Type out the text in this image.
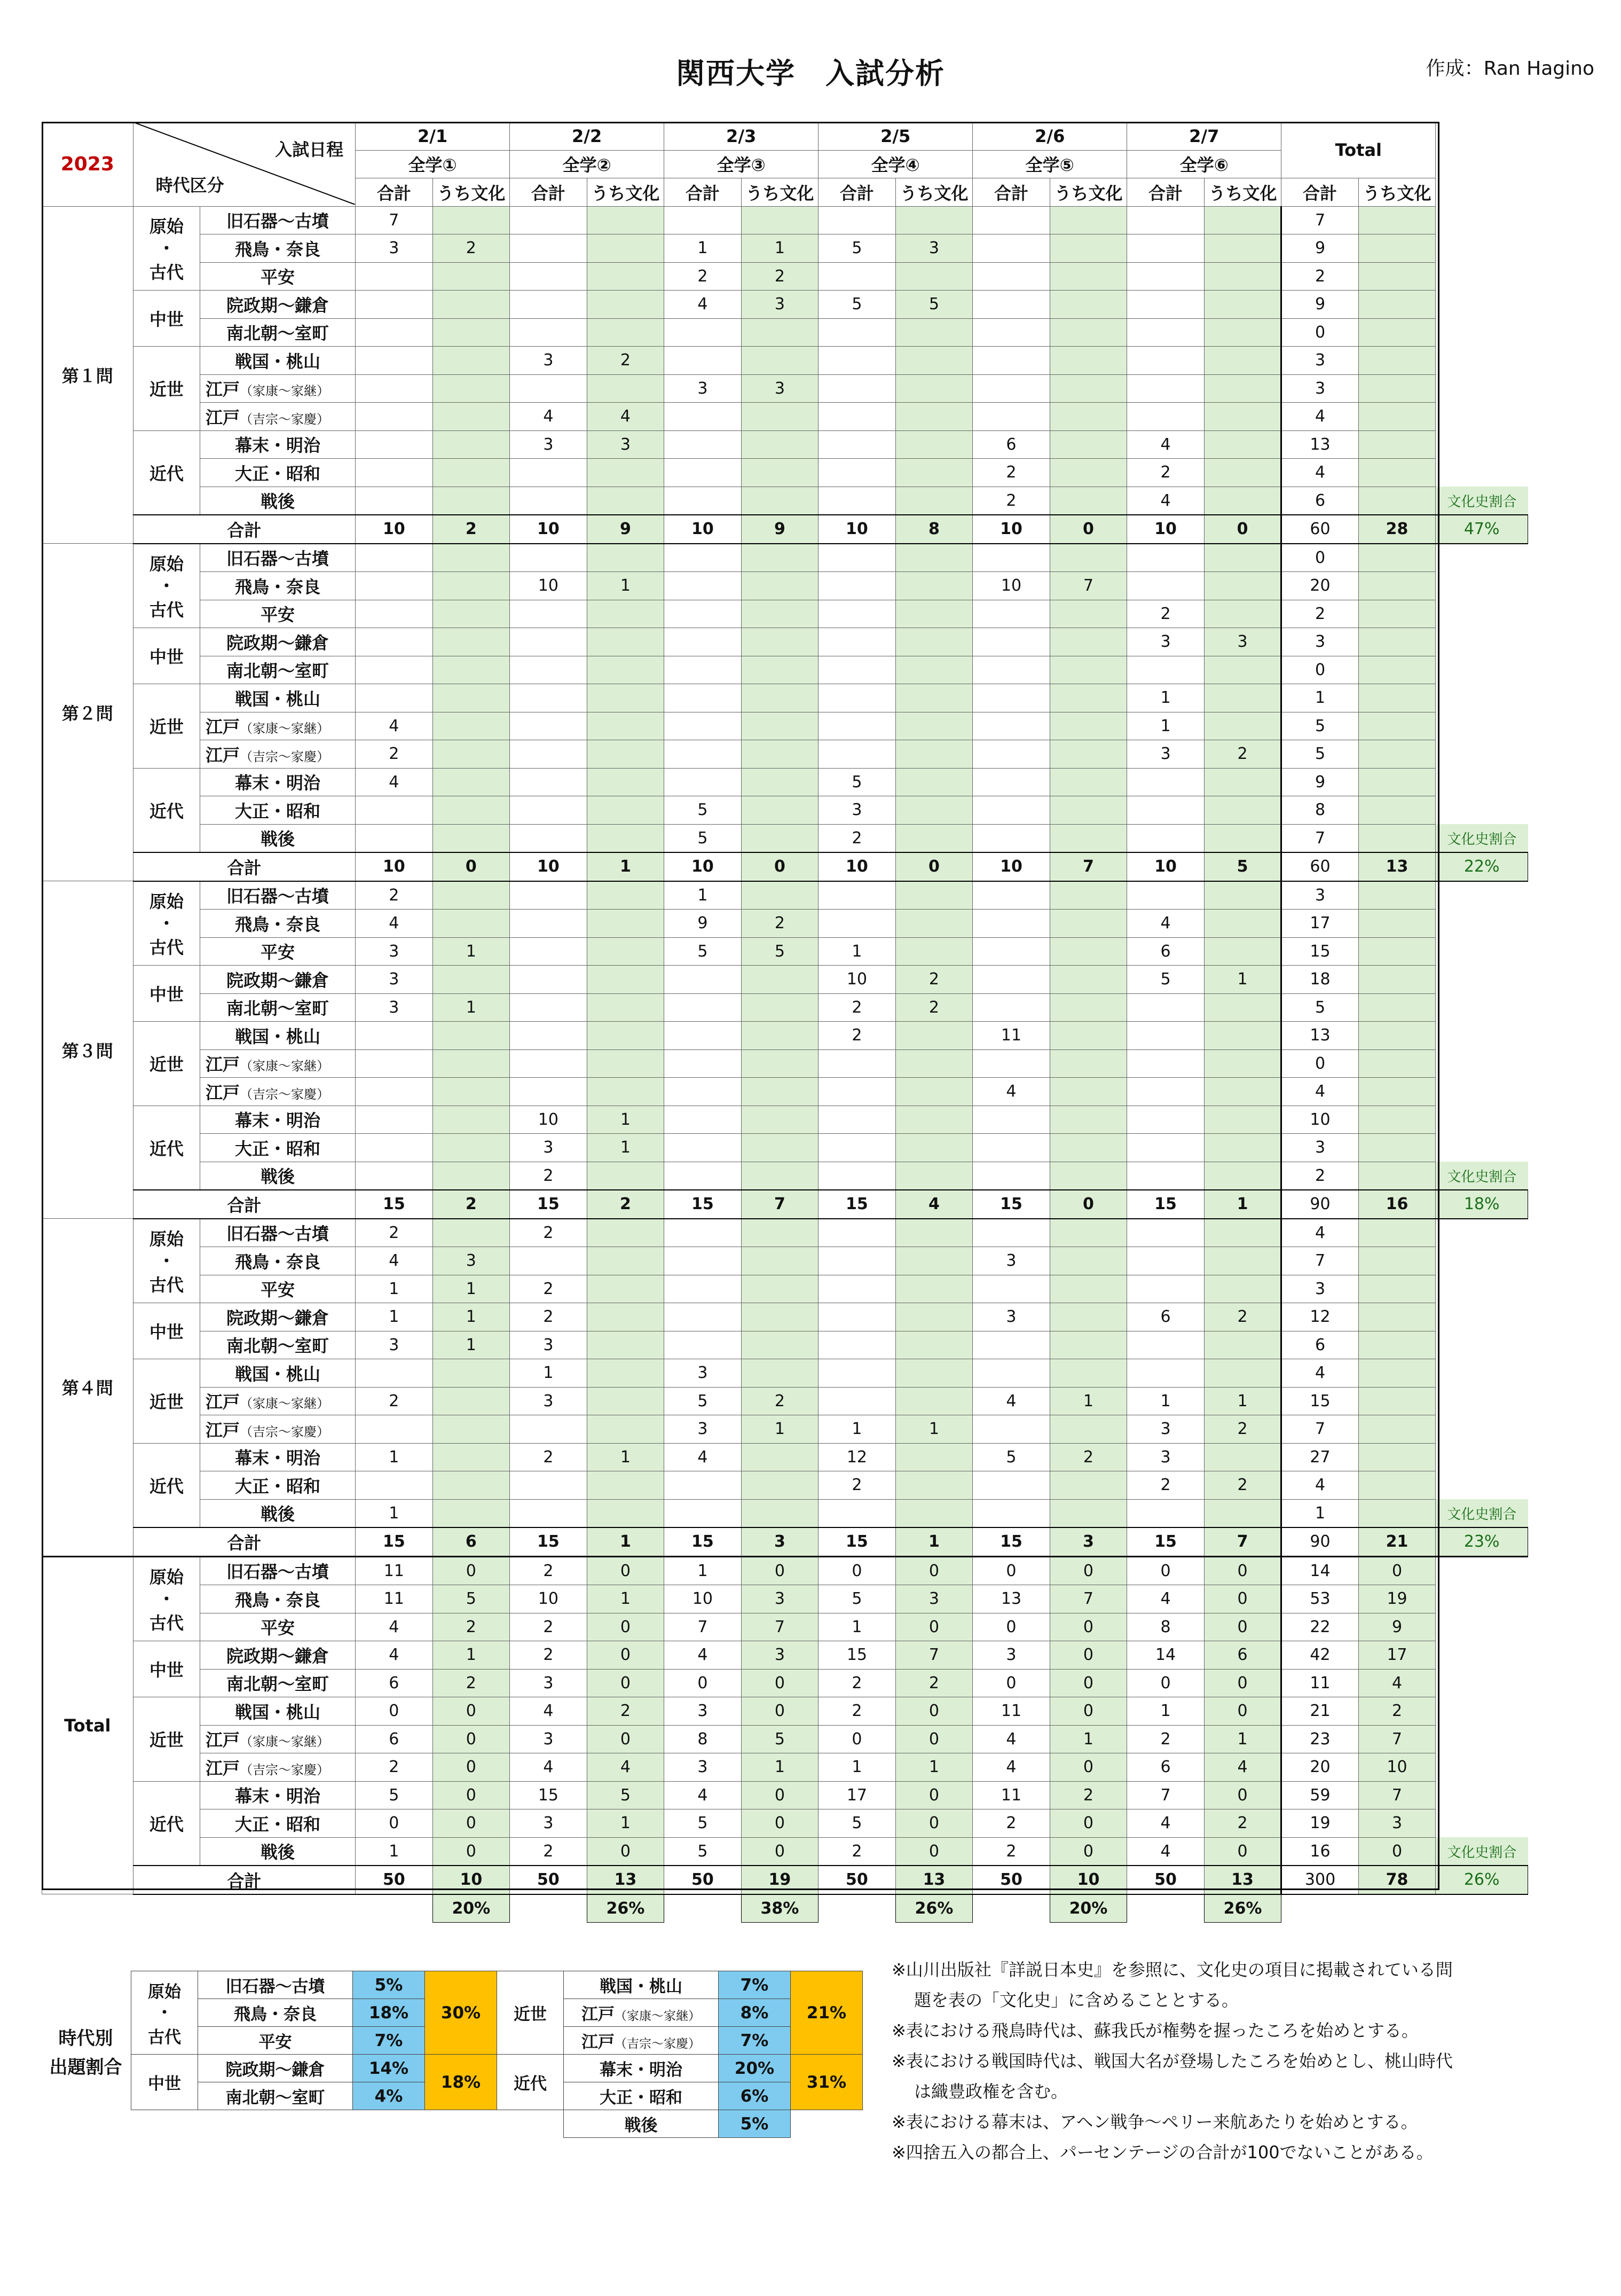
関西大学　入試分析	作成：Ran Hagino
2023	入試日程
時代区分		2/1		2/2		2/3		2/5		2/6		2/7		Total		
			全学①		全学②		全学③		全学④		全学⑤		全学⑥				
			合計	うち文化	合計	うち文化	合計	うち文化	合計	うち文化	合計	うち文化	合計	うち文化	合計	うち文化	
第１問	原始
・
古代	旧石器～古墳	7												7		
		飛鳥・奈良	3	2			1	1	5	3					9		
		平安					2	2							2		
	中世	院政期～鎌倉					4	3	5	5					9		
		南北朝～室町													0		
	近世	戦国・桃山			3	2									3		
		江戸（家康～家継）					3	3							3		
		江戸（吉宗～家慶）			4	4									4		
	近代	幕末・明治			3	3					6		4		13		
		大正・昭和									2		2		4		
		戦後									2		4		6		文化史割合
	合計		10	2	10	9	10	9	10	8	10	0	10	0	60	28	47%
第２問	原始
・
古代	旧石器～古墳													0		
		飛鳥・奈良			10	1					10	7			20		
		平安											2		2		
	中世	院政期～鎌倉											3	3	3		
		南北朝～室町													0		
	近世	戦国・桃山											1		1		
		江戸（家康～家継）	4										1		5		
		江戸（吉宗～家慶）	2										3	2	5		
	近代	幕末・明治	4						5						9		
		大正・昭和					5		3						8		
		戦後					5		2						7		文化史割合
	合計		10	0	10	1	10	0	10	0	10	7	10	5	60	13	22%
第３問	原始
・
古代	旧石器～古墳	2				1								3		
		飛鳥・奈良	4				9	2					4		17		
		平安	3	1			5	5	1				6		15		
	中世	院政期～鎌倉	3						10	2			5	1	18		
		南北朝～室町	3	1					2	2					5		
	近世	戦国・桃山							2		11				13		
		江戸（家康～家継）													0		
		江戸（吉宗～家慶）									4				4		
	近代	幕末・明治			10	1									10		
		大正・昭和			3	1									3		
		戦後			2										2		文化史割合
	合計		15	2	15	2	15	7	15	4	15	0	15	1	90	16	18%
第４問	原始
・
古代	旧石器～古墳	2		2										4		
		飛鳥・奈良	4	3							3				7		
		平安	1	1	2										3		
	中世	院政期～鎌倉	1	1	2						3		6	2	12		
		南北朝～室町	3	1	3										6		
	近世	戦国・桃山			1		3								4		
		江戸（家康～家継）	2		3		5	2			4	1	1	1	15		
		江戸（吉宗～家慶）					3	1	1	1			3	2	7		
	近代	幕末・明治	1		2	1	4		12		5	2	3		27		
		大正・昭和							2				2	2	4		
		戦後	1												1		文化史割合
	合計		15	6	15	1	15	3	15	1	15	3	15	7	90	21	23%
Total	原始
・
古代	旧石器～古墳	11	0	2	0	1	0	0	0	0	0	0	0	14	0	
		飛鳥・奈良	11	5	10	1	10	3	5	3	13	7	4	0	53	19	
		平安	4	2	2	0	7	7	1	0	0	0	8	0	22	9	
	中世	院政期～鎌倉	4	1	2	0	4	3	15	7	3	0	14	6	42	17	
		南北朝～室町	6	2	3	0	0	0	2	2	0	0	0	0	11	4	
	近世	戦国・桃山	0	0	4	2	3	0	2	0	11	0	1	0	21	2	
		江戸（家康～家継）	6	0	3	0	8	5	0	0	4	1	2	1	23	7	
		江戸（吉宗～家慶）	2	0	4	4	3	1	1	1	4	0	6	4	20	10	
	近代	幕末・明治	5	0	15	5	4	0	17	0	11	2	7	0	59	7	
		大正・昭和	0	0	3	1	5	0	5	0	2	0	4	2	19	3	
		戦後	1	0	2	0	5	0	2	0	2	0	4	0	16	0	文化史割合
	合計		50	10	50	13	50	19	50	13	50	10	50	13	300	78	26%
				20%		26%		38%		26%		20%		26%			
時代別
出題割合
原始
・
古代	旧石器～古墳	5%	30%	近世	戦国・桃山	7%	21%
	飛鳥・奈良	18%			江戸（家康～家継）	8%	
	平安	7%			江戸（吉宗～家慶）	7%	
中世	院政期～鎌倉	14%	18%	近代	幕末・明治	20%	31%
	南北朝～室町	4%			大正・昭和	6%	
					戦後	5%	
※山川出版社『詳説日本史』を参照に、文化史の項目に掲載されている問
題を表の「文化史」に含めることとする。
※表における飛鳥時代は、蘇我氏が権勢を握ったころを始めとする。
※表における戦国時代は、戦国大名が登場したころを始めとし、桃山時代
は織豊政権を含む。
※表における幕末は、アヘン戦争～ペリー来航あたりを始めとする。
※四捨五入の都合上、パーセンテージの合計が100でないことがある。
